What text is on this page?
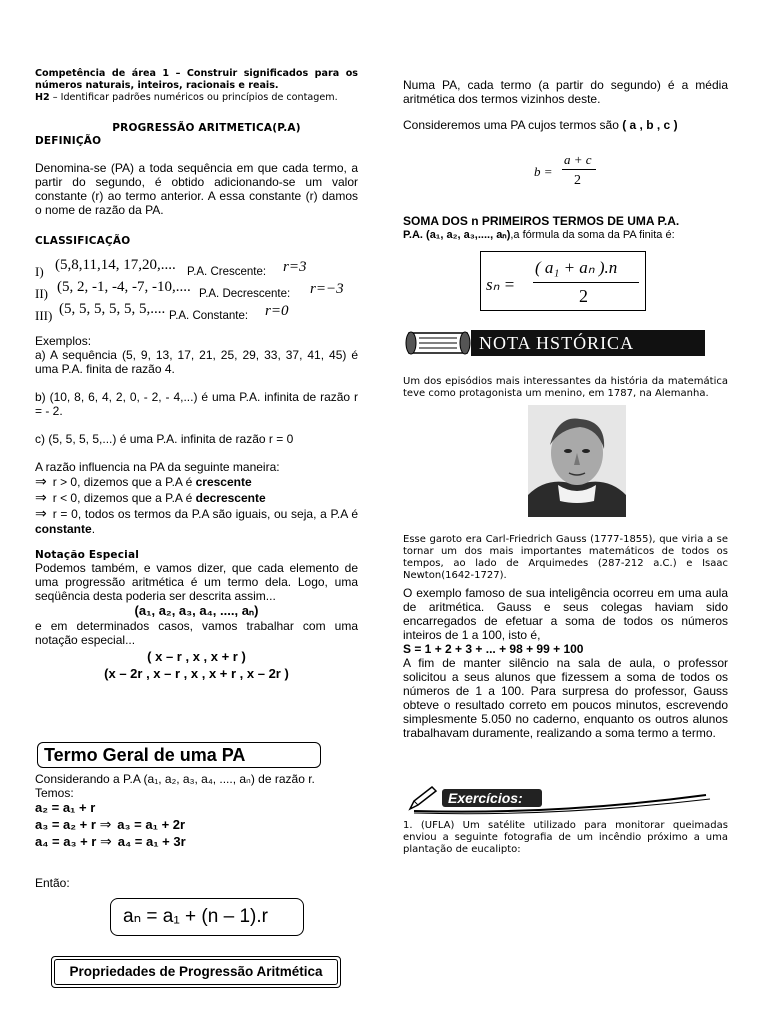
Competência de área 1 – Construir significados para os números naturais, inteiros, racionais e reais.
H2 – Identificar padrões numéricos ou princípios de contagem.
PROGRESSÃO ARITMETICA(P.A)
DEFINIÇÃO
Denomina-se (PA) a toda sequência em que cada termo, a partir do segundo, é obtido adicionando-se um valor constante (r) ao termo anterior. A essa constante (r) damos o nome de razão da PA.
CLASSIFICAÇÃO
I) (5,8,11,14, 17,20,.... P.A. Crescente: r=3
II) (5, 2, -1, -4, -7, -10,.... P.A. Decrescente: r=−3
III) (5, 5, 5, 5, 5, 5,.... P.A. Constante: r=0
Exemplos:
a) A sequência (5, 9, 13, 17, 21, 25, 29, 33, 37, 41, 45) é uma P.A. finita de razão 4.
b) (10, 8, 6, 4, 2, 0, - 2, - 4,...) é uma P.A. infinita de razão r = - 2.
c) (5, 5, 5, 5,...) é uma P.A. infinita de razão r = 0
A razão influencia na PA da seguinte maneira:
⇒ r > 0, dizemos que a P.A é crescente
⇒ r < 0, dizemos que a P.A é decrescente
⇒ r = 0, todos os termos da P.A são iguais, ou seja, a P.A é constante.
Notação Especial
Podemos também, e vamos dizer, que cada elemento de uma progressão aritmética é um termo dela. Logo, uma seqüência desta poderia ser descrita assim...
(a₁, a₂, a₃, a₄, ...., aₙ)
e em determinados casos, vamos trabalhar com uma notação especial...
( x – r , x , x + r )
(x – 2r , x – r , x , x + r , x – 2r )
Termo Geral de uma PA
Considerando a P.A (a₁, a₂, a₃, a₄, ...., aₙ) de razão r.
Temos:
a₂ = a₁ + r
a₃ = a₂ + r ⇒ a₃ = a₁ + 2r
a₄ = a₃ + r ⇒ a₄ = a₁ + 3r
Então:
aₙ = a₁ + (n – 1).r
Propriedades de Progressão Aritmética
Numa PA, cada termo (a partir do segundo) é a média aritmética dos termos vizinhos deste.
Consideremos uma PA cujos termos são ( a , b , c )
b =
a + c
2
SOMA DOS n PRIMEIROS TERMOS DE UMA P.A.
P.A. (a₁, a₂, a₃,...., aₙ),a fórmula da soma da PA finita é:
sₙ =
( a₁ + aₙ ).n
2
NOTA HSTÓRICA
Um dos episódios mais interessantes da história da matemática teve como protagonista um menino, em 1787, na Alemanha.
Esse garoto era Carl-Friedrich Gauss (1777-1855), que viria a se tornar um dos mais importantes matemáticos de todos os tempos, ao lado de Arquimedes (287-212 a.C.) e Isaac Newton(1642-1727).
O exemplo famoso de sua inteligência ocorreu em uma aula de aritmética. Gauss e seus colegas haviam sido encarregados de efetuar a soma de todos os números inteiros de 1 a 100, isto é,
S = 1 + 2 + 3 + ... + 98 + 99 + 100
A fim de manter silêncio na sala de aula, o professor solicitou a seus alunos que fizessem a soma de todos os números de 1 a 100. Para surpresa do professor, Gauss obteve o resultado correto em poucos minutos, escrevendo simplesmente 5.050 no caderno, enquanto os outros alunos trabalhavam duramente, realizando a soma termo a termo.
Exercícios:
1. (UFLA) Um satélite utilizado para monitorar queimadas enviou a seguinte fotografia de um incêndio próximo a uma plantação de eucalipto:
